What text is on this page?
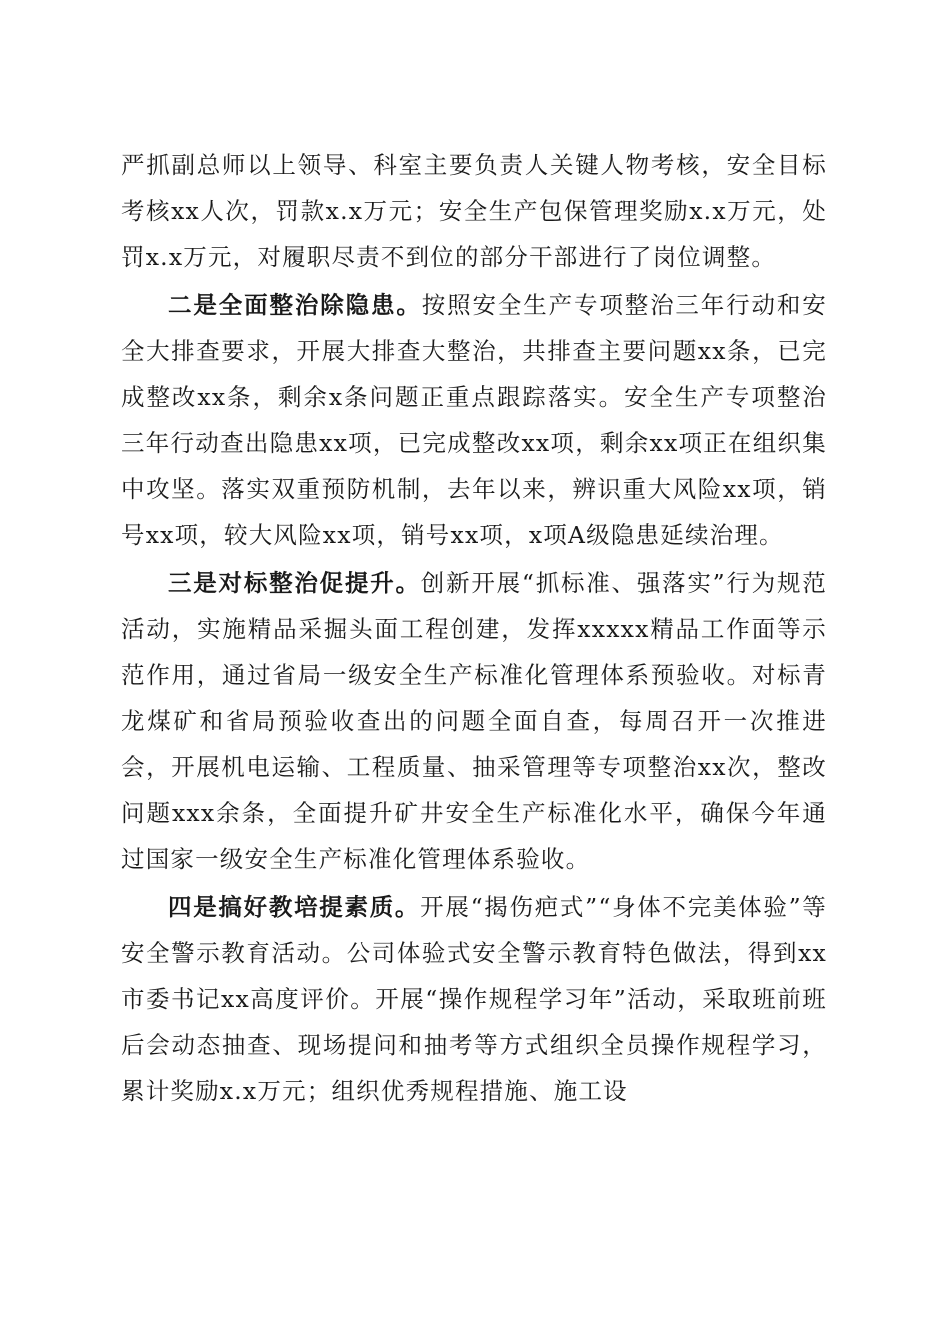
严抓副总师以上领导、科室主要负责人关键人物考核，安全目标考核xx人次，罚款x.x万元；安全生产包保管理奖励x.x万元，处罚x.x万元，对履职尽责不到位的部分干部进行了岗位调整。

二是全面整治除隐患。按照安全生产专项整治三年行动和安全大排查要求，开展大排查大整治，共排查主要问题xx条，已完成整改xx条，剩余x条问题正重点跟踪落实。安全生产专项整治三年行动查出隐患xx项，已完成整改xx项，剩余xx项正在组织集中攻坚。落实双重预防机制，去年以来，辨识重大风险xx项，销号xx项，较大风险xx项，销号xx项，x项A级隐患延续治理。

三是对标整治促提升。创新开展“抓标准、强落实”行为规范活动，实施精品采掘头面工程创建，发挥xxxxx精品工作面等示范作用，通过省局一级安全生产标准化管理体系预验收。对标青龙煤矿和省局预验收查出的问题全面自查，每周召开一次推进会，开展机电运输、工程质量、抽采管理等专项整治xx次，整改问题xxx余条，全面提升矿井安全生产标准化水平，确保今年通过国家一级安全生产标准化管理体系验收。

四是搞好教培提素质。开展“揭伤疤式”“身体不完美体验”等安全警示教育活动。公司体验式安全警示教育特色做法，得到xx市委书记xx高度评价。开展“操作规程学习年”活动，采取班前班后会动态抽查、现场提问和抽考等方式组织全员操作规程学习，累计奖励x.x万元；组织优秀规程措施、施工设
